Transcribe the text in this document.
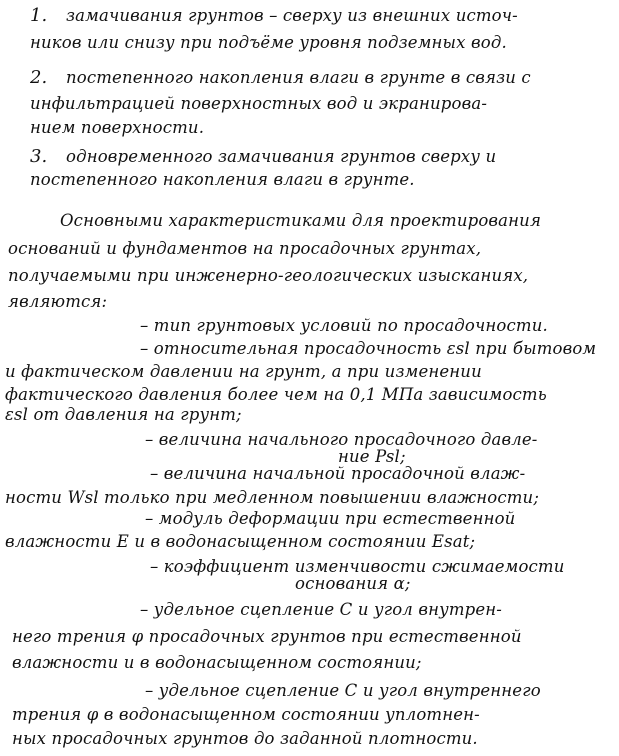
1. замачивания грунтов – сверху из внешних источ-
ников или снизу при подъёме уровня подземных вод.
2. постепенного накопления влаги в грунте в связи с
инфильтрацией поверхностных вод и экранирова-
нием поверхности.
3. одновременного замачивания грунтов сверху и
постепенного накопления влаги в грунте.
Основными характеристиками для проектирования
оснований и фундаментов на просадочных грунтах,
получаемыми при инженерно-геологических изысканиях,
являются:
– тип грунтовых условий по просадочности.
– относительная просадочность εsl при бытовом
и фактическом давлении на грунт, а при изменении
фактического давления более чем на 0,1 МПа зависимость
εsl от давления на грунт;
– величина начального просадочного давле-
ние Psl;
– величина начальной просадочной влаж-
ности Wsl только при медленном повышении влажности;
– модуль деформации при естественной
влажности E и в водонасыщенном состоянии Esat;
– коэффициент изменчивости сжимаемости
основания α;
– удельное сцепление C и угол внутрен-
него трения φ просадочных грунтов при естественной
влажности и в водонасыщенном состоянии;
– удельное сцепление C и угол внутреннего
трения φ в водонасыщенном состоянии уплотнен-
ных просадочных грунтов до заданной плотности.
